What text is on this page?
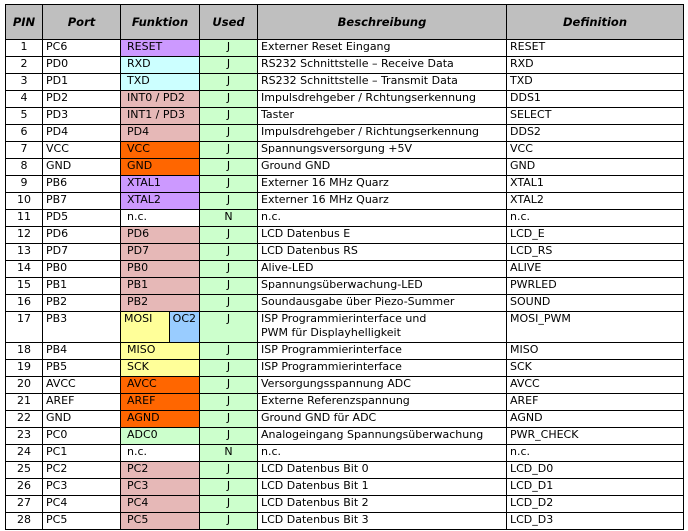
PIN	Port	Funktion	Used	Beschreibung	Definition
1	PC6	RESET	J	Externer Reset Eingang	RESET
2	PD0	RXD	J	RS232 Schnittstelle – Receive Data	RXD
3	PD1	TXD	J	RS232 Schnittstelle – Transmit Data	TXD
4	PD2	INT0 / PD2	J	Impulsdrehgeber / Rchtungserkennung	DDS1
5	PD3	INT1 / PD3	J	Taster	SELECT
6	PD4	PD4	J	Impulsdrehgeber / Richtungserkennung	DDS2
7	VCC	VCC	J	Spannungsversorgung +5V	VCC
8	GND	GND	J	Ground GND	GND
9	PB6	XTAL1	J	Externer 16 MHz Quarz	XTAL1
10	PB7	XTAL2	J	Externer 16 MHz Quarz	XTAL2
11	PD5	n.c.	N	n.c.	n.c.
12	PD6	PD6	J	LCD Datenbus E	LCD_E
13	PD7	PD7	J	LCD Datenbus RS	LCD_RS
14	PB0	PB0	J	Alive-LED	ALIVE
15	PB1	PB1	J	Spannungsüberwachung-LED	PWRLED
16	PB2	PB2	J	Soundausgabe über Piezo-Summer	SOUND
17	PB3	MOSI OC2	J	ISP Programmierinterface und
PWM für Displayhelligkeit	MOSI_PWM
18	PB4	MISO	J	ISP Programmierinterface	MISO
19	PB5	SCK	J	ISP Programmierinterface	SCK
20	AVCC	AVCC	J	Versorgungsspannung ADC	AVCC
21	AREF	AREF	J	Externe Referenzspannung	AREF
22	GND	AGND	J	Ground GND für ADC	AGND
23	PC0	ADC0	J	Analogeingang Spannungsüberwachung	PWR_CHECK
24	PC1	n.c.	N	n.c.	n.c.
25	PC2	PC2	J	LCD Datenbus Bit 0	LCD_D0
26	PC3	PC3	J	LCD Datenbus Bit 1	LCD_D1
27	PC4	PC4	J	LCD Datenbus Bit 2	LCD_D2
28	PC5	PC5	J	LCD Datenbus Bit 3	LCD_D3
